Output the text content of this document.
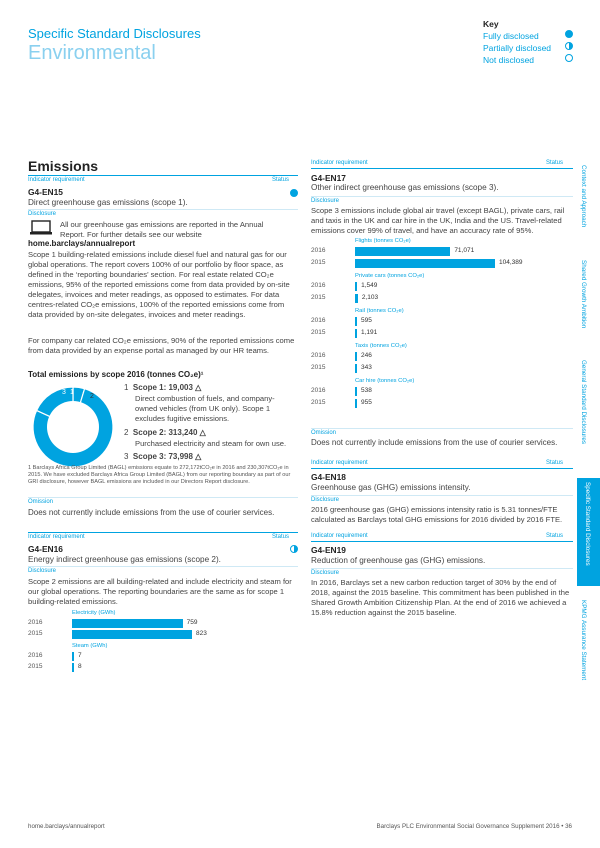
Specific Standard Disclosures
Environmental
Key
Fully disclosed
Partially disclosed
Not disclosed
Emissions
Indicator requirement	Status
G4-EN15
Direct greenhouse gas emissions (scope 1).
Disclosure
All our greenhouse gas emissions are reported in the Annual Report. For further details see our website
home.barclays/annualreport
Scope 1 building-related emissions include diesel fuel and natural gas for our global operations. The report covers 100% of our portfolio by floor space, as defined in the ‘reporting boundaries’ section. For real estate related CO₂e emissions, 95% of the reported emissions come from data provided by on-site delegates, invoices and meter readings, as opposed to estimates. For data centres-related CO₂e emissions, 100% of the reported emissions come from data provided by on-site delegates, invoices and meter readings.
For company car related CO₂e emissions, 90% of the reported emissions come from data provided by an expense portal as managed by our HR teams.
Total emissions by scope 2016 (tonnes CO₂e)¹
1
2
3
1  Scope 1: 19,003 △
Direct combustion of fuels, and company-owned vehicles (from UK only). Scope 1 excludes fugitive emissions.
2  Scope 2: 313,240 △
Purchased electricity and steam for own use.
3  Scope 3: 73,998 △
1 Barclays Africa Group Limited (BAGL) emissions equate to 272,172tCO₂e in 2016 and 230,307tCO₂e in 2015. We have excluded Barclays Africa Group Limited (BAGL) from our reporting boundary as part of our GRI disclosure, however BAGL emissions are included in our Directors Report disclosure.
Omission
Does not currently include emissions from the use of courier services.
Indicator requirement	Status
G4-EN16
Energy indirect greenhouse gas emissions (scope 2).
Disclosure
Scope 2 emissions are all building-related and include electricity and steam for our global operations. The reporting boundaries are the same as for scope 1 building-related emissions.
Electricity (GWh)
2016	759
2015	823
Steam (GWh)
2016	7
2015	8
Indicator requirement	Status
G4-EN17
Other indirect greenhouse gas emissions (scope 3).
Disclosure
Scope 3 emissions include global air travel (except BAGL), private cars, rail and taxis in the UK and car hire in the UK, India and the US. Travel-related emissions cover 99% of travel, and have an accuracy rate of 95%.
Flights (tonnes CO₂e)
2016	71,071
2015	104,389
Private cars (tonnes CO₂e)
2016	1,549
2015	2,103
Rail (tonnes CO₂e)
2016	595
2015	1,191
Taxis (tonnes CO₂e)
2016	246
2015	343
Car hire (tonnes CO₂e)
2016	538
2015	955
Omission
Does not currently include emissions from the use of courier services.
Indicator requirement	Status
G4-EN18
Greenhouse gas (GHG) emissions intensity.
Disclosure
2016 greenhouse gas (GHG) emissions intensity ratio is 5.31 tonnes/FTE calculated as Barclays total GHG emissions for 2016 divided by 2016 FTE.
Indicator requirement	Status
G4-EN19
Reduction of greenhouse gas (GHG) emissions.
Disclosure
In 2016, Barclays set a new carbon reduction target of 30% by the end of 2018, against the 2015 baseline. This commitment has been published in the Shared Growth Ambition Citizenship Plan. At the end of 2016 we achieved a 15.8% reduction against the 2015 baseline.
Context and Approach
Shared Growth Ambition
General Standard Disclosures
Specific Standard Disclosures
KPMG Assurance Statement
home.barclays/annualreport	Barclays PLC Environmental Social Governance Supplement 2016 • 36
